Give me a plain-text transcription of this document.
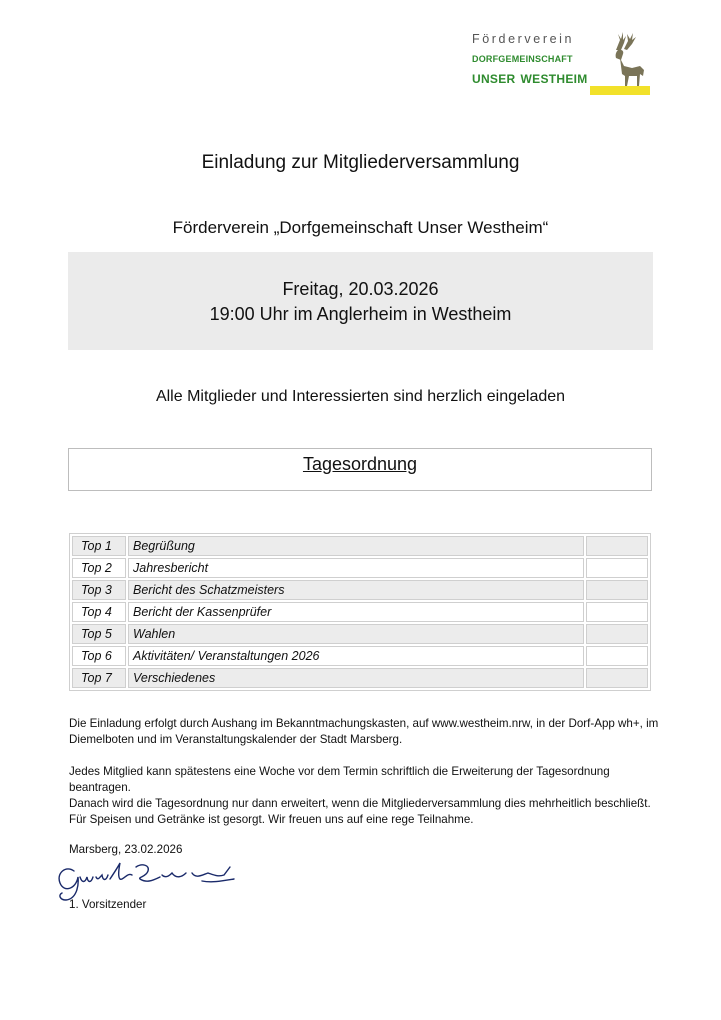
Förderverein
dorfgemeinschaft
unser westheim
Einladung zur Mitgliederversammlung
Förderverein „Dorfgemeinschaft Unser Westheim“
Freitag, 20.03.2026
19:00 Uhr im Anglerheim in Westheim
Alle Mitglieder und Interessierten sind herzlich eingeladen
Tagesordnung
Top 1	Begrüßung	
Top 2	Jahresbericht	
Top 3	Bericht des Schatzmeisters	
Top 4	Bericht der Kassenprüfer	
Top 5	Wahlen	
Top 6	Aktivitäten/ Veranstaltungen 2026	
Top 7	Verschiedenes	
Die Einladung erfolgt durch Aushang im Bekanntmachungskasten, auf www.westheim.nrw, in der Dorf-App wh+, im
Diemelboten und im Veranstaltungskalender der Stadt Marsberg.
Jedes Mitglied kann spätestens eine Woche vor dem Termin schriftlich die Erweiterung der Tagesordnung beantragen.
Danach wird die Tagesordnung nur dann erweitert, wenn die Mitgliederversammlung dies mehrheitlich beschließt.
Für Speisen und Getränke ist gesorgt. Wir freuen uns auf eine rege Teilnahme.
Marsberg, 23.02.2026
1. Vorsitzender
